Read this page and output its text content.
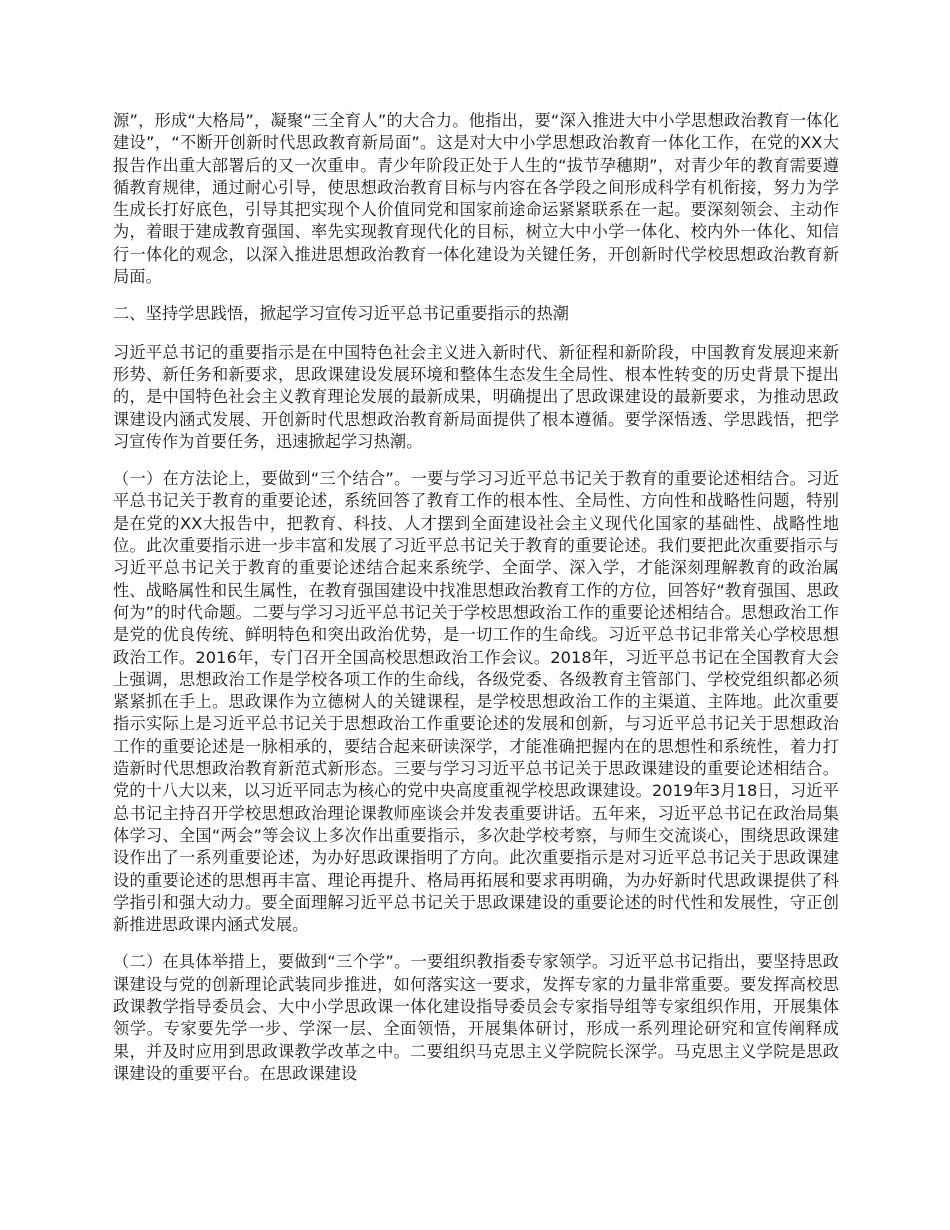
源”，形成“大格局”，凝聚“三全育人”的大合力。他指出，要“深入推进大中小学思想政治教育一体化建设”，“不断开创新时代思政教育新局面”。这是对大中小学思想政治教育一体化工作，在党的XX大报告作出重大部署后的又一次重申。青少年阶段正处于人生的“拔节孕穗期”，对青少年的教育需要遵循教育规律，通过耐心引导，使思想政治教育目标与内容在各学段之间形成科学有机衔接，努力为学生成长打好底色，引导其把实现个人价值同党和国家前途命运紧紧联系在一起。要深刻领会、主动作为，着眼于建成教育强国、率先实现教育现代化的目标，树立大中小学一体化、校内外一体化、知信行一体化的观念，以深入推进思想政治教育一体化建设为关键任务，开创新时代学校思想政治教育新局面。

二、坚持学思践悟，掀起学习宣传习近平总书记重要指示的热潮

习近平总书记的重要指示是在中国特色社会主义进入新时代、新征程和新阶段，中国教育发展迎来新形势、新任务和新要求，思政课建设发展环境和整体生态发生全局性、根本性转变的历史背景下提出的，是中国特色社会主义教育理论发展的最新成果，明确提出了思政课建设的最新要求，为推动思政课建设内涵式发展、开创新时代思想政治教育新局面提供了根本遵循。要学深悟透、学思践悟，把学习宣传作为首要任务，迅速掀起学习热潮。

（一）在方法论上，要做到“三个结合”。一要与学习习近平总书记关于教育的重要论述相结合。习近平总书记关于教育的重要论述，系统回答了教育工作的根本性、全局性、方向性和战略性问题，特别是在党的XX大报告中，把教育、科技、人才摆到全面建设社会主义现代化国家的基础性、战略性地位。此次重要指示进一步丰富和发展了习近平总书记关于教育的重要论述。我们要把此次重要指示与习近平总书记关于教育的重要论述结合起来系统学、全面学、深入学，才能深刻理解教育的政治属性、战略属性和民生属性，在教育强国建设中找准思想政治教育工作的方位，回答好“教育强国、思政何为”的时代命题。二要与学习习近平总书记关于学校思想政治工作的重要论述相结合。思想政治工作是党的优良传统、鲜明特色和突出政治优势，是一切工作的生命线。习近平总书记非常关心学校思想政治工作。2016年，专门召开全国高校思想政治工作会议。2018年，习近平总书记在全国教育大会上强调，思想政治工作是学校各项工作的生命线，各级党委、各级教育主管部门、学校党组织都必须紧紧抓在手上。思政课作为立德树人的关键课程，是学校思想政治工作的主渠道、主阵地。此次重要指示实际上是习近平总书记关于思想政治工作重要论述的发展和创新，与习近平总书记关于思想政治工作的重要论述是一脉相承的，要结合起来研读深学，才能准确把握内在的思想性和系统性，着力打造新时代思想政治教育新范式新形态。三要与学习习近平总书记关于思政课建设的重要论述相结合。党的十八大以来，以习近平同志为核心的党中央高度重视学校思政课建设。2019年3月18日，习近平总书记主持召开学校思想政治理论课教师座谈会并发表重要讲话。五年来，习近平总书记在政治局集体学习、全国“两会”等会议上多次作出重要指示，多次赴学校考察，与师生交流谈心，围绕思政课建设作出了一系列重要论述，为办好思政课指明了方向。此次重要指示是对习近平总书记关于思政课建设的重要论述的思想再丰富、理论再提升、格局再拓展和要求再明确，为办好新时代思政课提供了科学指引和强大动力。要全面理解习近平总书记关于思政课建设的重要论述的时代性和发展性，守正创新推进思政课内涵式发展。

（二）在具体举措上，要做到“三个学”。一要组织教指委专家领学。习近平总书记指出，要坚持思政课建设与党的创新理论武装同步推进，如何落实这一要求，发挥专家的力量非常重要。要发挥高校思政课教学指导委员会、大中小学思政课一体化建设指导委员会专家指导组等专家组织作用，开展集体领学。专家要先学一步、学深一层、全面领悟，开展集体研讨，形成一系列理论研究和宣传阐释成果，并及时应用到思政课教学改革之中。二要组织马克思主义学院院长深学。马克思主义学院是思政课建设的重要平台。在思政课建设
